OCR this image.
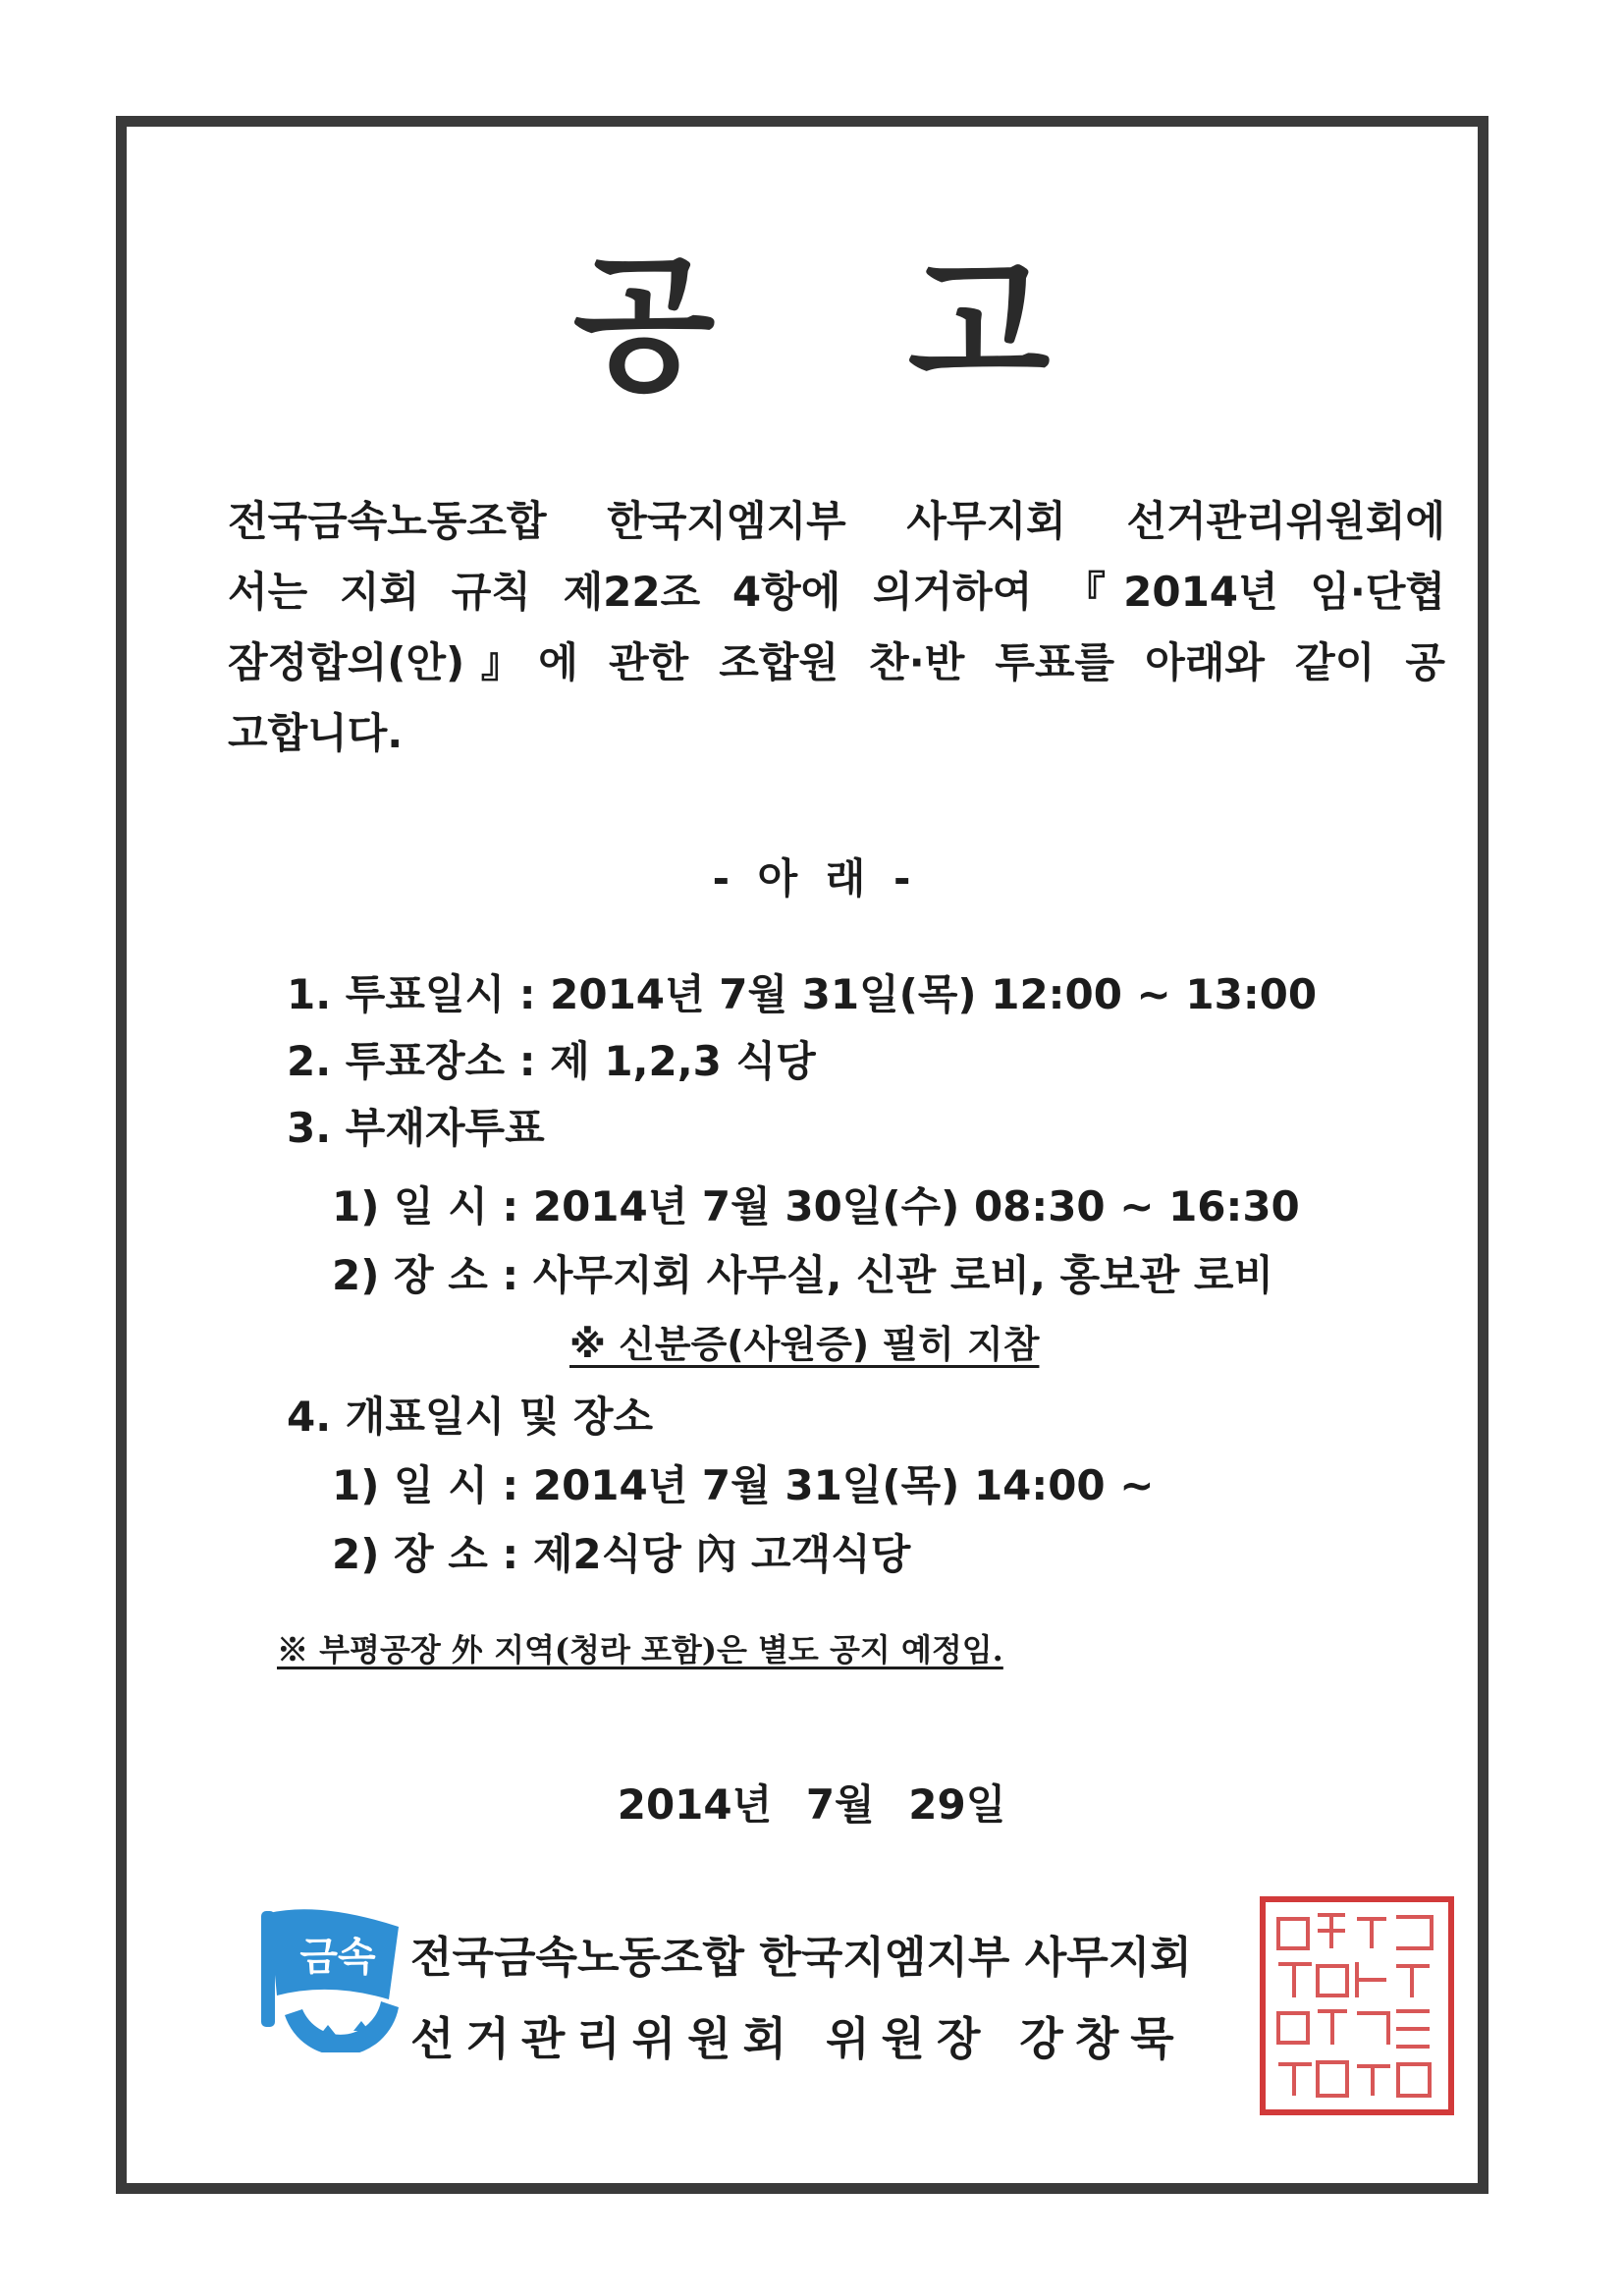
공 고
전국금속노동조합 한국지엠지부 사무지회 선거관리위원회에
서는 지회 규칙 제22조 4항에 의거하여 『2014년 임·단협
잠정합의(안)』에 관한 조합원 찬·반 투표를 아래와 같이 공
고합니다.
- 아 래 -
1. 투표일시 : 2014년 7월 31일(목) 12:00 ~ 13:00
2. 투표장소 : 제 1,2,3 식당
3. 부재자투표
1) 일 시 : 2014년 7월 30일(수) 08:30 ~ 16:30
2) 장 소 : 사무지회 사무실, 신관 로비, 홍보관 로비
※ 신분증(사원증) 필히 지참
4. 개표일시 및 장소
1) 일 시 : 2014년 7월 31일(목) 14:00 ~
2) 장 소 : 제2식당 內 고객식당
※ 부평공장 外 지역(청라 포함)은 별도 공지 예정임.
2014년 7월 29일
금속 전국금속노동조합 한국지엠지부 사무지회
선거관리위원회 위원장 강창묵
